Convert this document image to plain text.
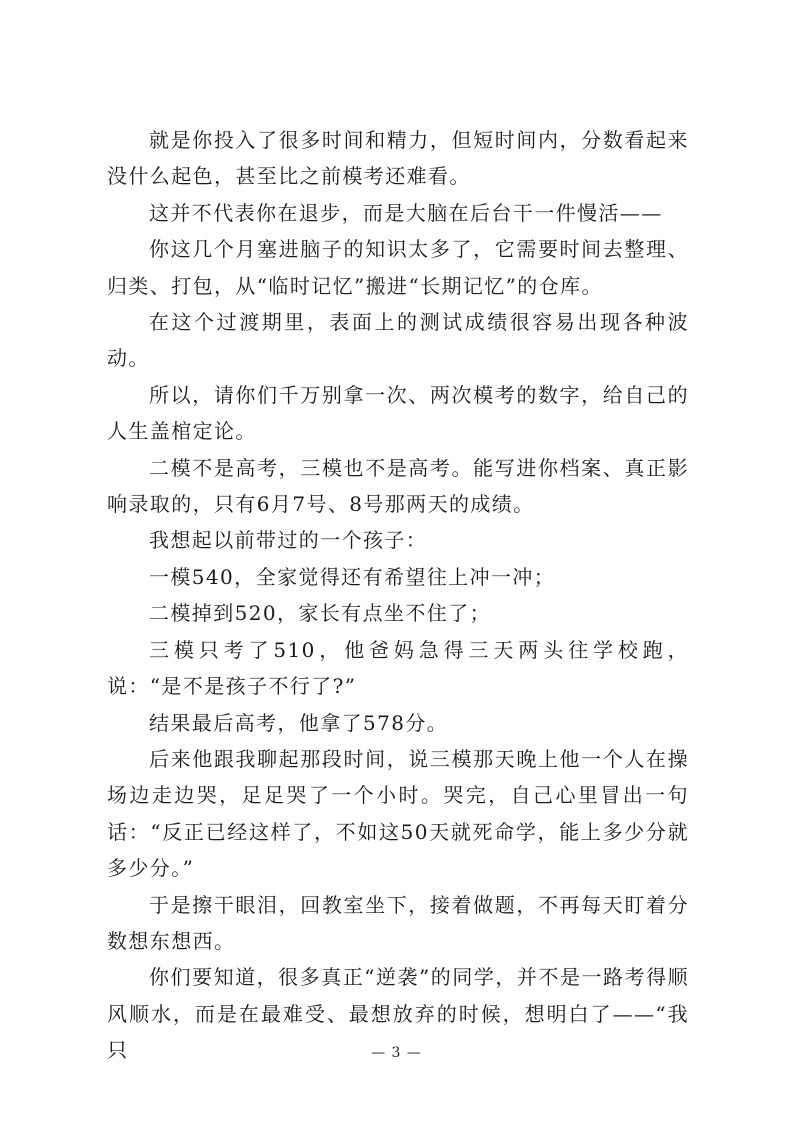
就是你投入了很多时间和精力，但短时间内，分数看起来没什么起色，甚至比之前模考还难看。

这并不代表你在退步，而是大脑在后台干一件慢活——

你这几个月塞进脑子的知识太多了，它需要时间去整理、归类、打包，从“临时记忆”搬进“长期记忆”的仓库。

在这个过渡期里，表面上的测试成绩很容易出现各种波动。

所以，请你们千万别拿一次、两次模考的数字，给自己的人生盖棺定论。

二模不是高考，三模也不是高考。能写进你档案、真正影响录取的，只有6月7号、8号那两天的成绩。

我想起以前带过的一个孩子：

一模540，全家觉得还有希望往上冲一冲；

二模掉到520，家长有点坐不住了；

三模只考了510，他爸妈急得三天两头往学校跑，说：“是不是孩子不行了?”

结果最后高考，他拿了578分。

后来他跟我聊起那段时间，说三模那天晚上他一个人在操场边走边哭，足足哭了一个小时。哭完，自己心里冒出一句话：“反正已经这样了，不如这50天就死命学，能上多少分就多少分。”

于是擦干眼泪，回教室坐下，接着做题，不再每天盯着分数想东想西。

你们要知道，很多真正“逆袭”的同学，并不是一路考得顺风顺水，而是在最难受、最想放弃的时候，想明白了——“我只	— 3 —
